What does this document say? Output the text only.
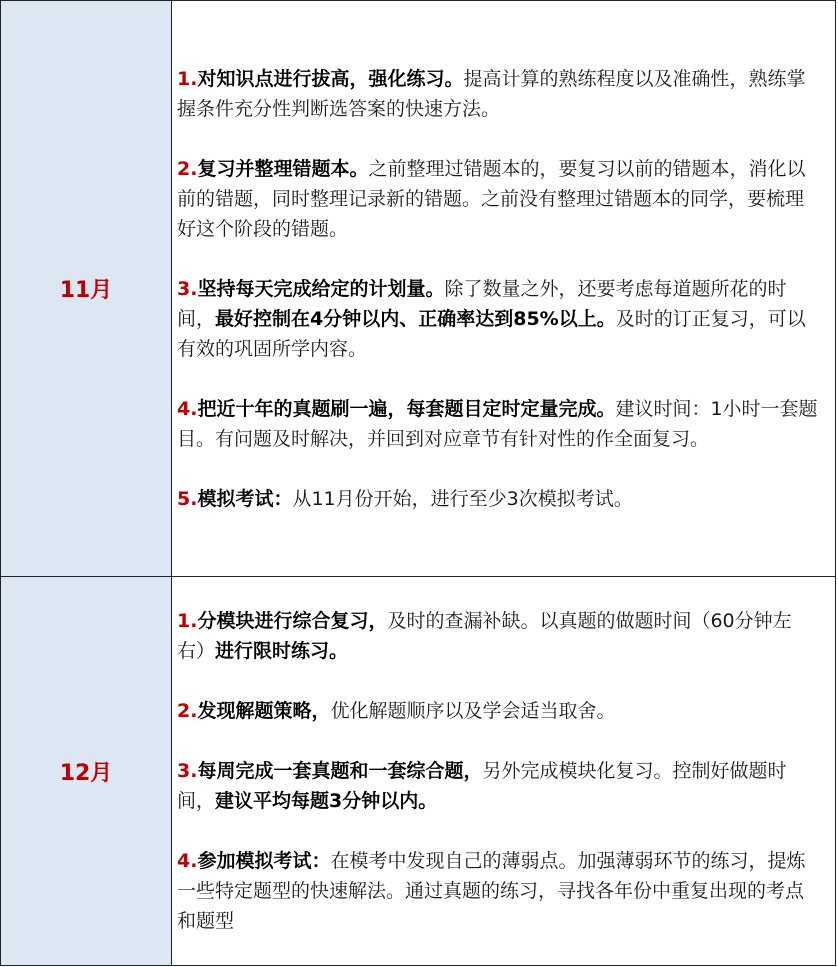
11月	1.对知识点进行拔高，强化练习。提高计算的熟练程度以及准确性，熟练掌握条件充分性判断选答案的快速方法。

2.复习并整理错题本。之前整理过错题本的，要复习以前的错题本，消化以前的错题，同时整理记录新的错题。之前没有整理过错题本的同学，要梳理好这个阶段的错题。

3.坚持每天完成给定的计划量。除了数量之外，还要考虑每道题所花的时间，最好控制在4分钟以内、正确率达到85%以上。及时的订正复习，可以有效的巩固所学内容。

4.把近十年的真题刷一遍，每套题目定时定量完成。建议时间：1小时一套题目。有问题及时解决，并回到对应章节有针对性的作全面复习。

5.模拟考试：从11月份开始，进行至少3次模拟考试。

12月	1.分模块进行综合复习，及时的查漏补缺。以真题的做题时间（60分钟左右）进行限时练习。

2.发现解题策略，优化解题顺序以及学会适当取舍。

3.每周完成一套真题和一套综合题，另外完成模块化复习。控制好做题时间，建议平均每题3分钟以内。

4.参加模拟考试：在模考中发现自己的薄弱点。加强薄弱环节的练习，提炼一些特定题型的快速解法。通过真题的练习，寻找各年份中重复出现的考点和题型
